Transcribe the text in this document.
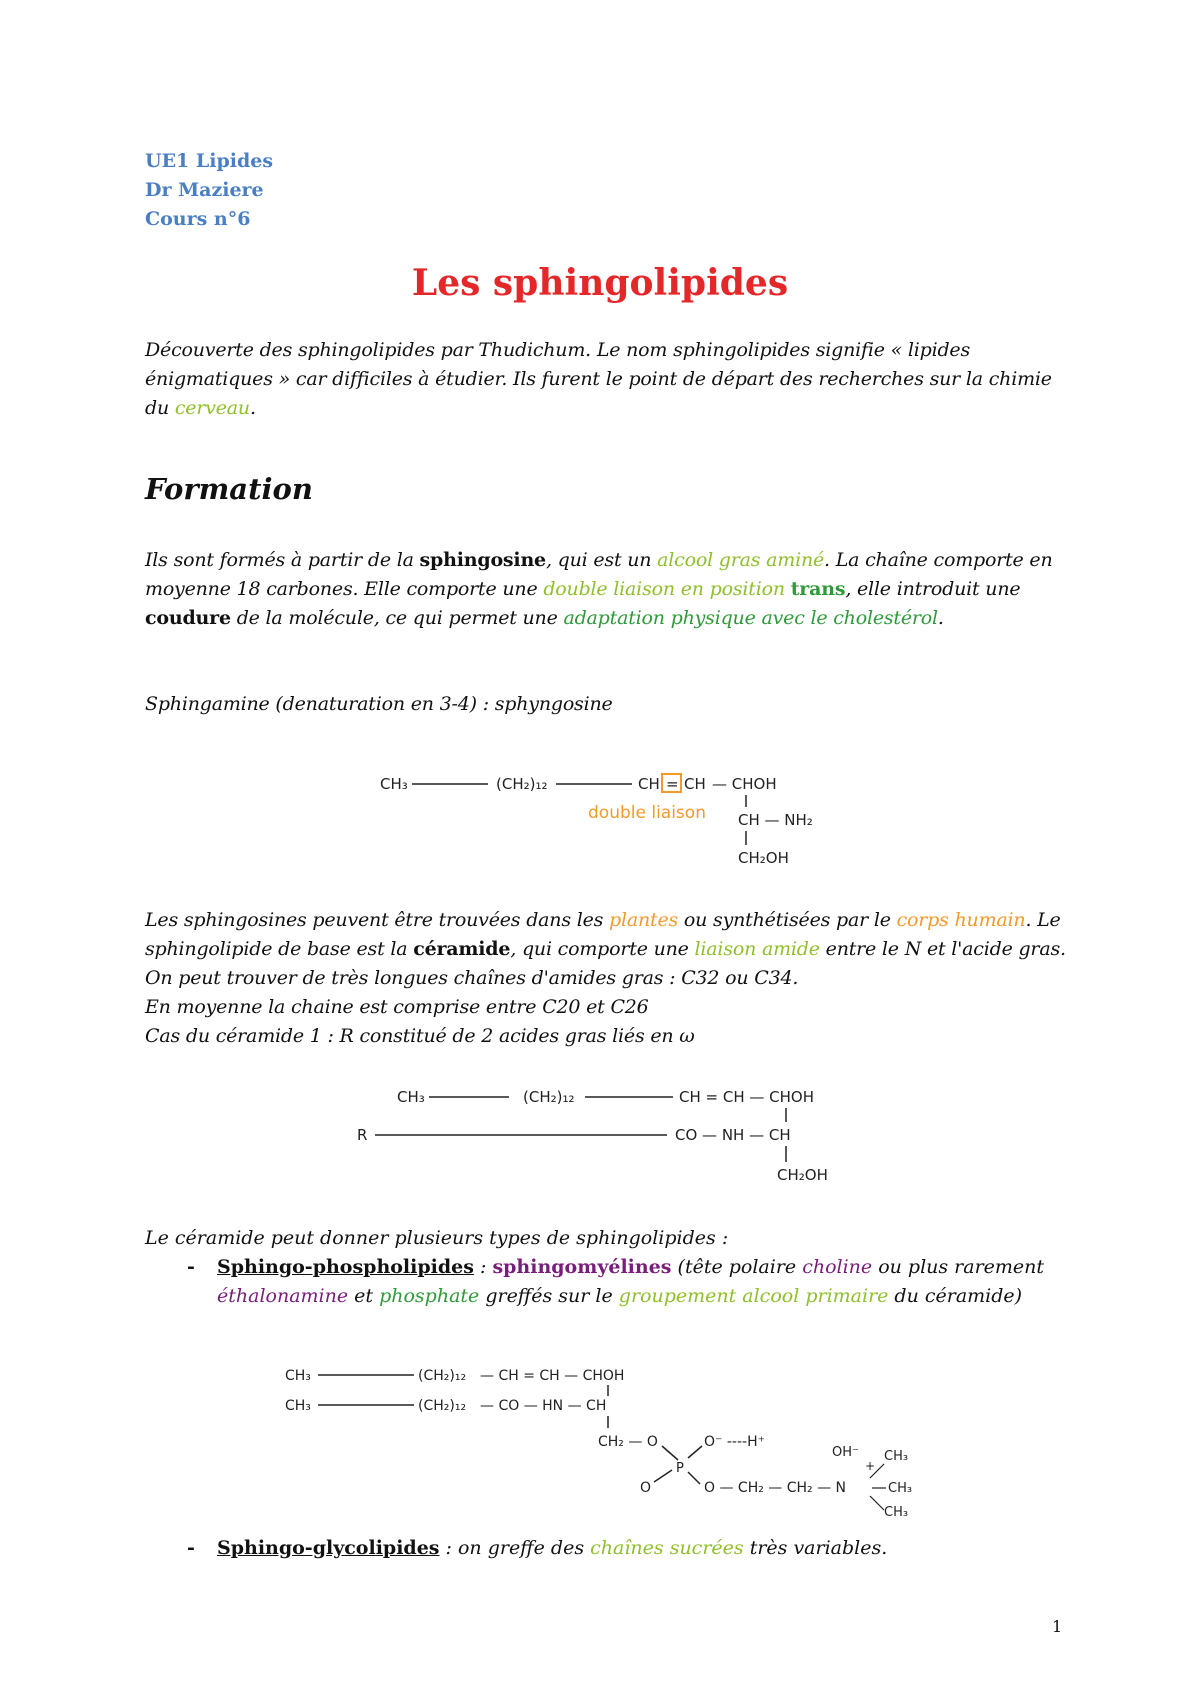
UE1 Lipides
Dr Maziere
Cours n°6
Les sphingolipides
Découverte des sphingolipides par Thudichum. Le nom sphingolipides signifie « lipides énigmatiques » car difficiles à étudier. Ils furent le point de départ des recherches sur la chimie du cerveau.
Formation
Ils sont formés à partir de la sphingosine, qui est un alcool gras aminé. La chaîne comporte en moyenne 18 carbones. Elle comporte une double liaison en position trans, elle introduit une coudure de la molécule, ce qui permet une adaptation physique avec le cholestérol.
Sphingamine (denaturation en 3-4) : sphyngosine
CH₃	(CH₂)₁₂	CH = CH — CHOH
double liaison CH — NH₂
CH₂OH
Les sphingosines peuvent être trouvées dans les plantes ou synthétisées par le corps humain. Le sphingolipide de base est la céramide, qui comporte une liaison amide entre le N et l'acide gras. On peut trouver de très longues chaînes d'amides gras : C32 ou C34.
En moyenne la chaine est comprise entre C20 et C26
Cas du céramide 1 : R constitué de 2 acides gras liés en ω
CH₃	(CH₂)₁₂	CH = CH — CHOH
R	CO — NH — CH
CH₂OH
Le céramide peut donner plusieurs types de sphingolipides :
- Sphingo-phospholipides : sphingomyélines (tête polaire choline ou plus rarement éthalonamine et phosphate greffés sur le groupement alcool primaire du céramide)
CH₃	(CH₂)₁₂ — CH = CH — CHOH
CH₃	(CH₂)₁₂ — CO — HN — CH
CH₂ — O
P
O⁻ ----H⁺
O	O — CH₂ — CH₂ — N
+
OH⁻ CH₃
CH₃
CH₃
- Sphingo-glycolipides : on greffe des chaînes sucrées très variables.
1
